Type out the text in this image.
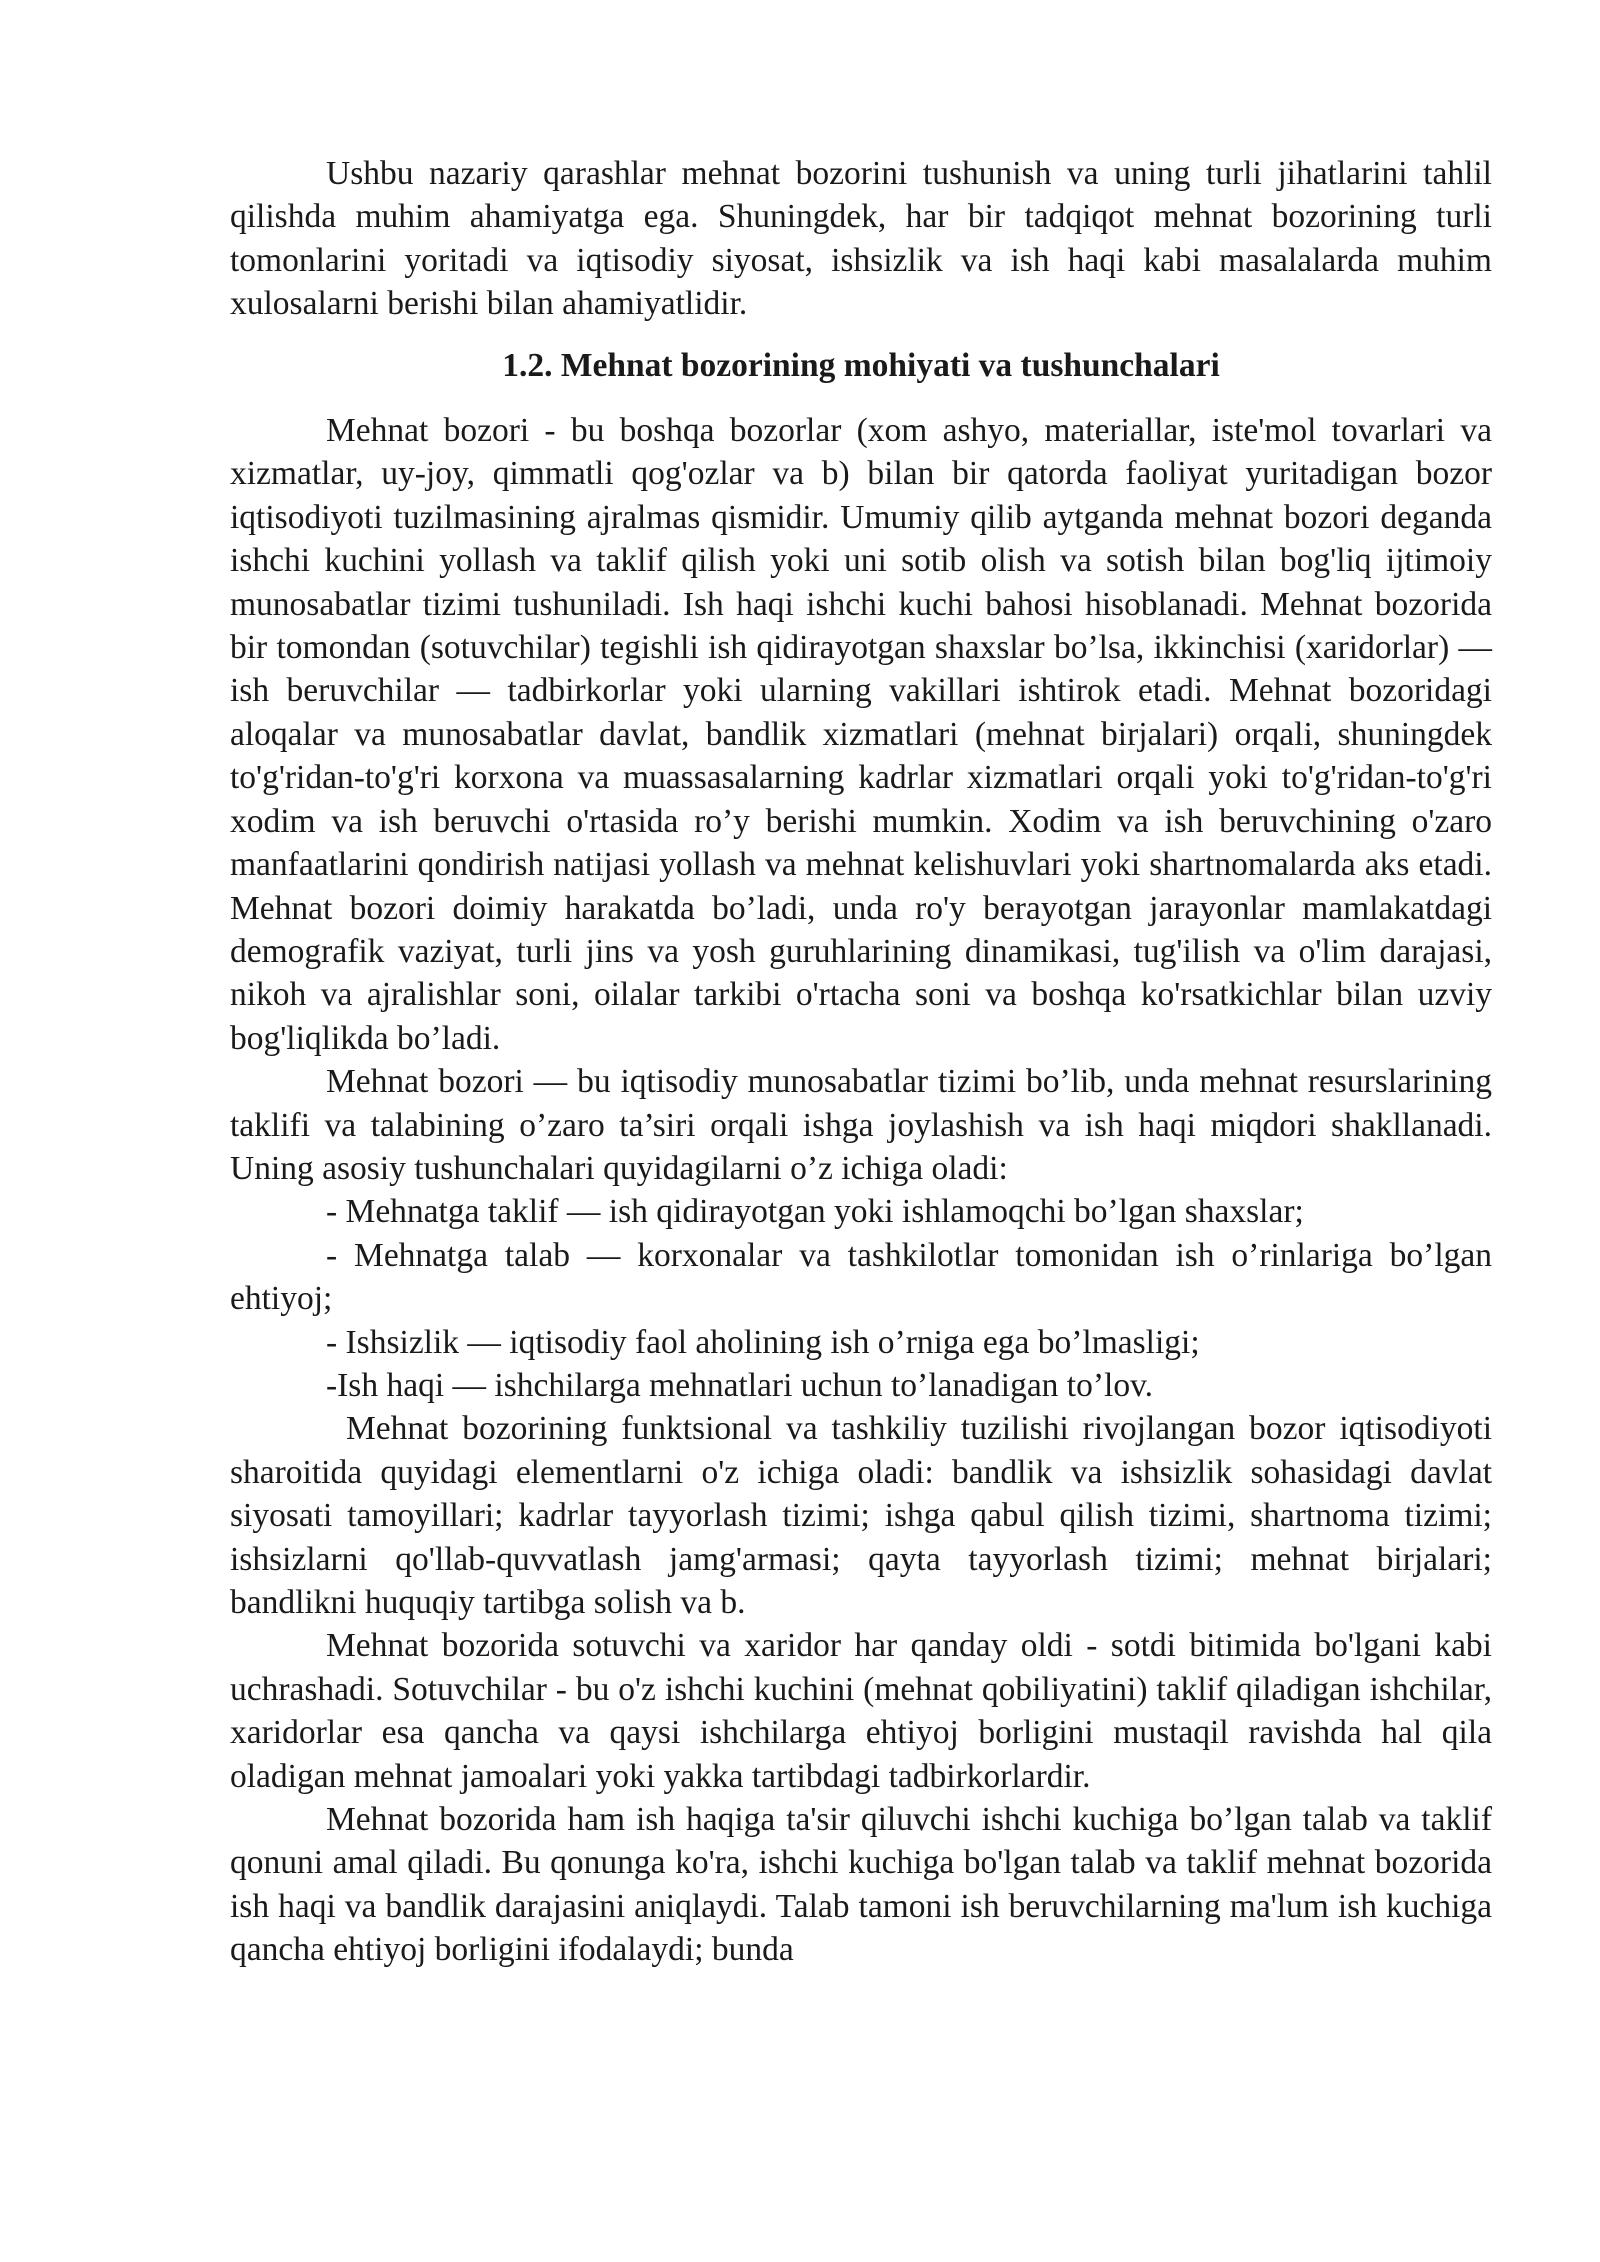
Ushbu nazariy qarashlar mehnat bozorini tushunish va uning turli jihatlarini tahlil qilishda muhim ahamiyatga ega. Shuningdek, har bir tadqiqot mehnat bozorining turli tomonlarini yoritadi va iqtisodiy siyosat, ishsizlik va ish haqi kabi masalalarda muhim xulosalarni berishi bilan ahamiyatlidir.

1.2. Mehnat bozorining mohiyati va tushunchalari

Mehnat bozori - bu boshqa bozorlar (xom ashyo, materiallar, iste'mol tovarlari va xizmatlar, uy-joy, qimmatli qog'ozlar va b) bilan bir qatorda faoliyat yuritadigan bozor iqtisodiyoti tuzilmasining ajralmas qismidir. Umumiy qilib aytganda mehnat bozori deganda ishchi kuchini yollash va taklif qilish yoki uni sotib olish va sotish bilan bog'liq ijtimoiy munosabatlar tizimi tushuniladi. Ish haqi ishchi kuchi bahosi hisoblanadi. Mehnat bozorida bir tomondan (sotuvchilar) tegishli ish qidirayotgan shaxslar bo’lsa, ikkinchisi (xaridorlar) — ish beruvchilar — tadbirkorlar yoki ularning vakillari ishtirok etadi. Mehnat bozoridagi aloqalar va munosabatlar davlat, bandlik xizmatlari (mehnat birjalari) orqali, shuningdek to'g'ridan-to'g'ri korxona va muassasalarning kadrlar xizmatlari orqali yoki to'g'ridan-to'g'ri xodim va ish beruvchi o'rtasida ro’y berishi mumkin. Xodim va ish beruvchining o'zaro manfaatlarini qondirish natijasi yollash va mehnat kelishuvlari yoki shartnomalarda aks etadi. Mehnat bozori doimiy harakatda bo’ladi, unda ro'y berayotgan jarayonlar mamlakatdagi demografik vaziyat, turli jins va yosh guruhlarining dinamikasi, tug'ilish va o'lim darajasi, nikoh va ajralishlar soni, oilalar tarkibi o'rtacha soni va boshqa ko'rsatkichlar bilan uzviy bog'liqlikda bo’ladi.

Mehnat bozori — bu iqtisodiy munosabatlar tizimi bo’lib, unda mehnat resurslarining taklifi va talabining o’zaro ta’siri orqali ishga joylashish va ish haqi miqdori shakllanadi. Uning asosiy tushunchalari quyidagilarni o’z ichiga oladi:

- Mehnatga taklif — ish qidirayotgan yoki ishlamoqchi bo’lgan shaxslar;

- Mehnatga talab — korxonalar va tashkilotlar tomonidan ish o’rinlariga bo’lgan ehtiyoj;

- Ishsizlik — iqtisodiy faol aholining ish o’rniga ega bo’lmasligi;

-Ish haqi — ishchilarga mehnatlari uchun to’lanadigan to’lov.

Mehnat bozorining funktsional va tashkiliy tuzilishi rivojlangan bozor iqtisodiyoti sharoitida quyidagi elementlarni o'z ichiga oladi: bandlik va ishsizlik sohasidagi davlat siyosati tamoyillari; kadrlar tayyorlash tizimi; ishga qabul qilish tizimi, shartnoma tizimi; ishsizlarni qo'llab-quvvatlash jamg'armasi; qayta tayyorlash tizimi; mehnat birjalari; bandlikni huquqiy tartibga solish va b.

Mehnat bozorida sotuvchi va xaridor har qanday oldi - sotdi bitimida bo'lgani kabi uchrashadi. Sotuvchilar - bu o'z ishchi kuchini (mehnat qobiliyatini) taklif qiladigan ishchilar, xaridorlar esa qancha va qaysi ishchilarga ehtiyoj borligini mustaqil ravishda hal qila oladigan mehnat jamoalari yoki yakka tartibdagi tadbirkorlardir.

Mehnat bozorida ham ish haqiga ta'sir qiluvchi ishchi kuchiga bo’lgan talab va taklif qonuni amal qiladi. Bu qonunga ko'ra, ishchi kuchiga bo'lgan talab va taklif mehnat bozorida ish haqi va bandlik darajasini aniqlaydi. Talab tamoni ish beruvchilarning ma'lum ish kuchiga qancha ehtiyoj borligini ifodalaydi; bunda
